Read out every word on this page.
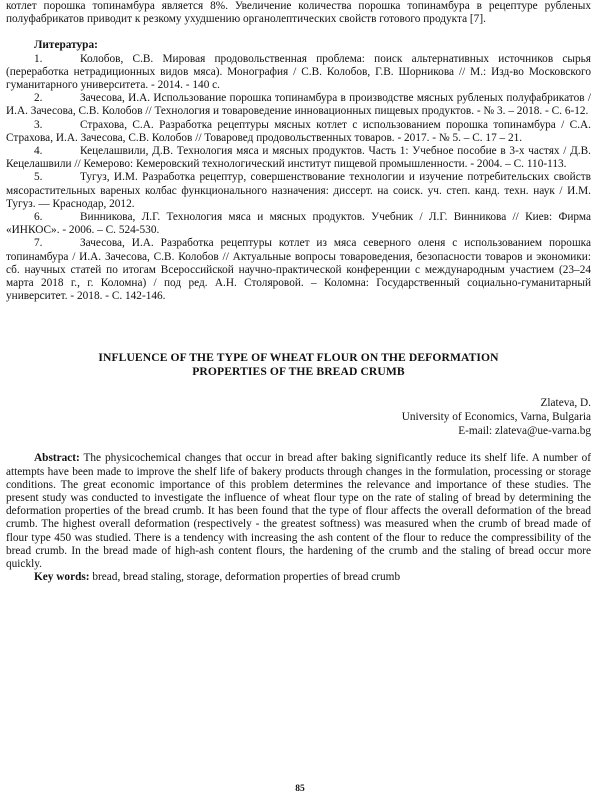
котлет порошка топинамбура является 8%. Увеличение количества порошка топинамбура в рецептуре рубленых полуфабрикатов приводит к резкому ухудшению органолептических свойств готового продукта [7].

Литература:

1.	Колобов, С.В. Мировая продовольственная проблема: поиск альтернативных источников сырья (переработка нетрадиционных видов мяса). Монография / С.В. Колобов, Г.В. Шорникова // М.: Изд-во Московского гуманитарного университета. - 2014. - 140 с.

2.	Зачесова, И.А. Использование порошка топинамбура в производстве мясных рубленых полуфабрикатов / И.А. Зачесова, С.В. Колобов // Технология и товароведение инновационных пищевых продуктов. - № 3. – 2018. - С. 6-12.

3.	Страхова, С.А. Разработка рецептуры мясных котлет с использованием порошка топинамбура / С.А. Страхова, И.А. Зачесова, С.В. Колобов // Товаровед продовольственных товаров. - 2017. - № 5. – С. 17 – 21.

4.	Кецелашвили, Д.В. Технология мяса и мясных продуктов. Часть 1: Учебное пособие в 3-х частях / Д.В. Кецелашвили // Кемерово: Кемеровский технологический институт пищевой промышленности. - 2004. – С. 110-113.

5.	Тугуз, И.М. Разработка рецептур, совершенствование технологии и изучение потребительских свойств мясорастительных вареных колбас функционального назначения: диссерт. на соиск. уч. степ. канд. техн. наук / И.М. Тугуз. — Краснодар, 2012.

6.	Винникова, Л.Г. Технология мяса и мясных продуктов. Учебник / Л.Г. Винникова // Киев: Фирма «ИНКОС». - 2006. – С. 524-530.

7.	Зачесова, И.А. Разработка рецептуры котлет из мяса северного оленя с использованием порошка топинамбура / И.А. Зачесова, С.В. Колобов // Актуальные вопросы товароведения, безопасности товаров и экономики: сб. научных статей по итогам Всероссийской научно-практической конференции с международным участием (23–24 марта 2018 г., г. Коломна) / под ред. А.Н. Столяровой. – Коломна: Государственный социально-гуманитарный университет. - 2018. - С. 142-146.

INFLUENCE OF THE TYPE OF WHEAT FLOUR ON THE DEFORMATION
PROPERTIES OF THE BREAD CRUMB
Zlateva, D.
University of Economics, Varna, Bulgaria
E-mail: zlateva@ue-varna.bg

Abstract: The physicochemical changes that occur in bread after baking significantly reduce its shelf life. A number of attempts have been made to improve the shelf life of bakery products through changes in the formulation, processing or storage conditions. The great economic importance of this problem determines the relevance and importance of these studies. The present study was conducted to investigate the influence of wheat flour type on the rate of staling of bread by determining the deformation properties of the bread crumb. It has been found that the type of flour affects the overall deformation of the bread crumb. The highest overall deformation (respectively - the greatest softness) was measured when the crumb of bread made of flour type 450 was studied. There is a tendency with increasing the ash content of the flour to reduce the compressibility of the bread crumb. In the bread made of high-ash content flours, the hardening of the crumb and the staling of bread occur more quickly.

Key words: bread, bread staling, storage, deformation properties of bread crumb

85
